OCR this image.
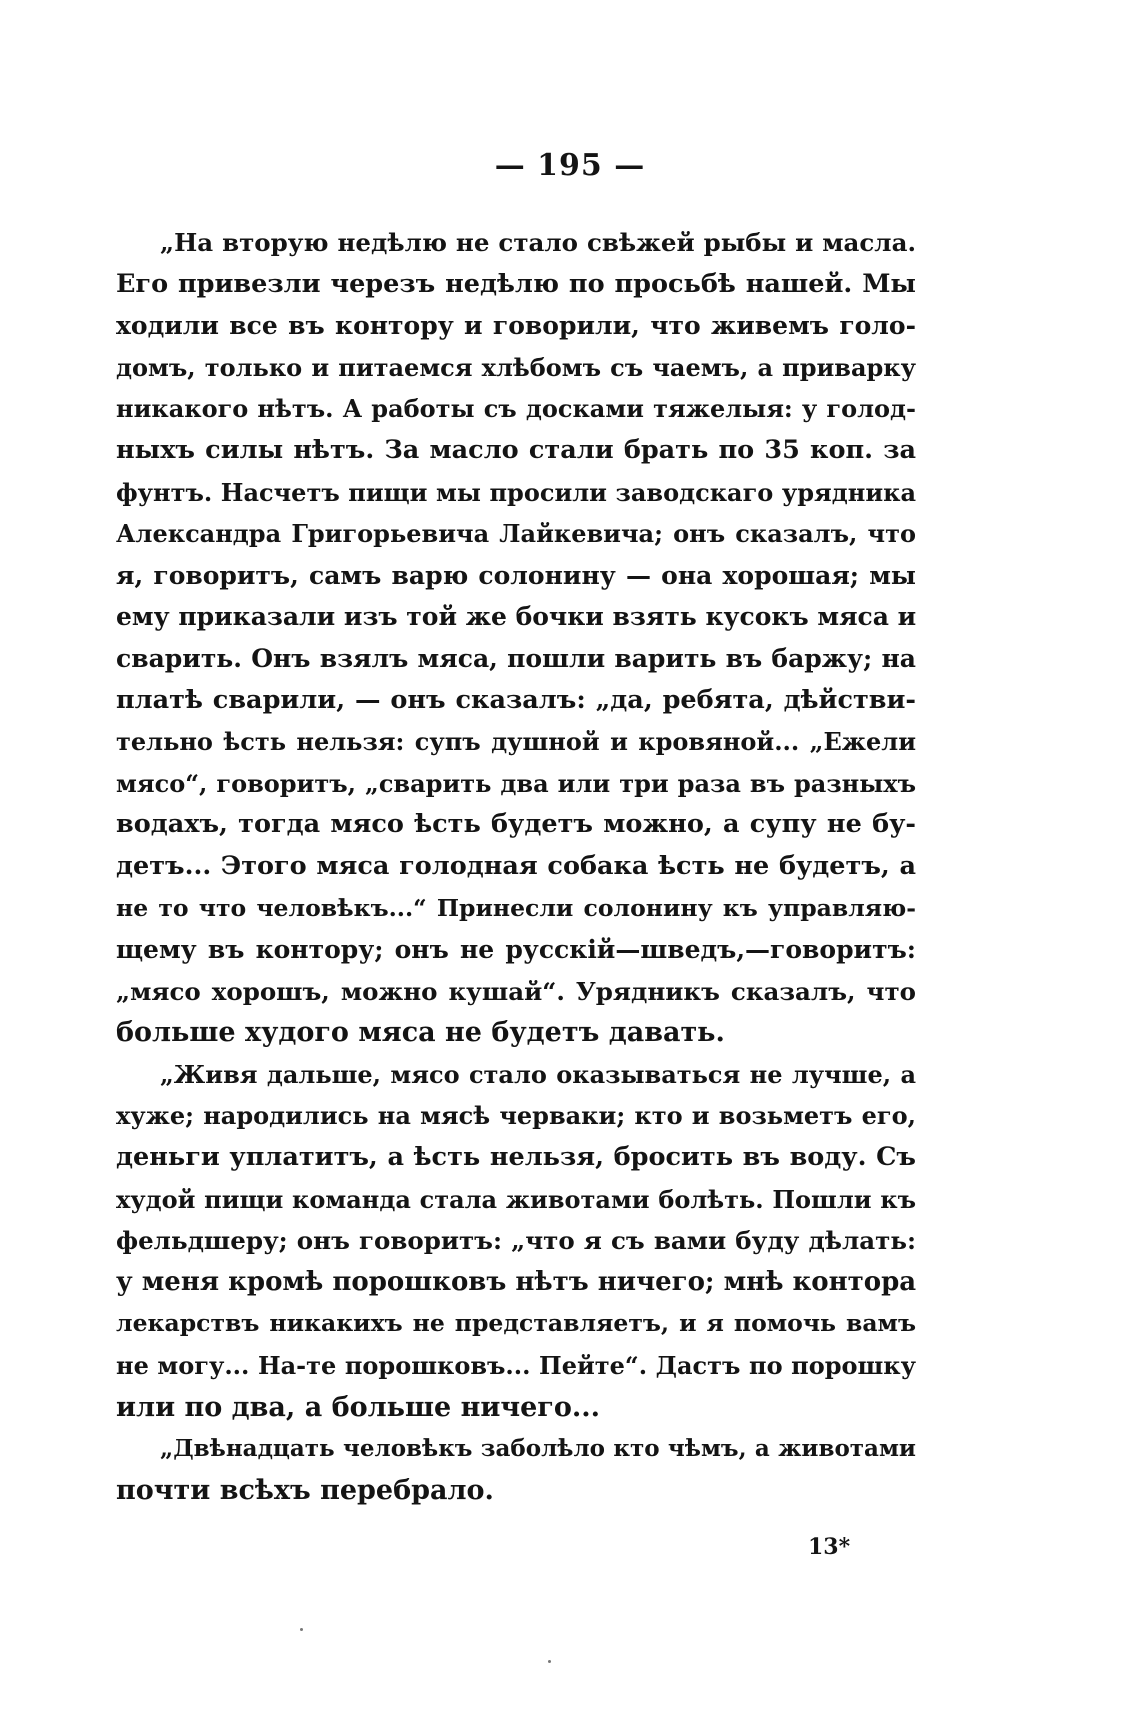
— 195 —
„На вторую недѣлю не стало свѣжей рыбы и масла.
Его привезли черезъ недѣлю по просьбѣ нашей. Мы
ходили все въ контору и говорили, что живемъ голо-
домъ, только и питаемся хлѣбомъ съ чаемъ, а приварку
никакого нѣтъ. А работы съ досками тяжелыя: у голод-
ныхъ силы нѣтъ. За масло стали брать по 35 коп. за
фунтъ. Насчетъ пищи мы просили заводскаго урядника
Александра Григорьевича Лайкевича; онъ сказалъ, что
я, говоритъ, самъ варю солонину — она хорошая; мы
ему приказали изъ той же бочки взять кусокъ мяса и
сварить. Онъ взялъ мяса, пошли варить въ баржу; на
платѣ сварили, — онъ сказалъ: „да, ребята, дѣйстви-
тельно ѣсть нельзя: супъ душной и кровяной... „Ежели
мясо“, говоритъ, „сварить два или три раза въ разныхъ
водахъ, тогда мясо ѣсть будетъ можно, а супу не бу-
детъ... Этого мяса голодная собака ѣсть не будетъ, а
не то что человѣкъ...“ Принесли солонину къ управляю-
щему въ контору; онъ не русскій—шведъ,—говоритъ:
„мясо хорошъ, можно кушай“. Урядникъ сказалъ, что
больше худого мяса не будетъ давать.
„Живя дальше, мясо стало оказываться не лучше, а
хуже; народились на мясѣ черваки; кто и возьметъ его,
деньги уплатитъ, а ѣсть нельзя, бросить въ воду. Съ
худой пищи команда стала животами болѣть. Пошли къ
фельдшеру; онъ говоритъ: „что я съ вами буду дѣлать:
у меня кромѣ порошковъ нѣтъ ничего; мнѣ контора
лекарствъ никакихъ не представляетъ, и я помочь вамъ
не могу... На-те порошковъ... Пейте“. Дастъ по порошку
или по два, а больше ничего...
„Двѣнадцать человѣкъ заболѣло кто чѣмъ, а животами
почти всѣхъ перебрало.
13*
